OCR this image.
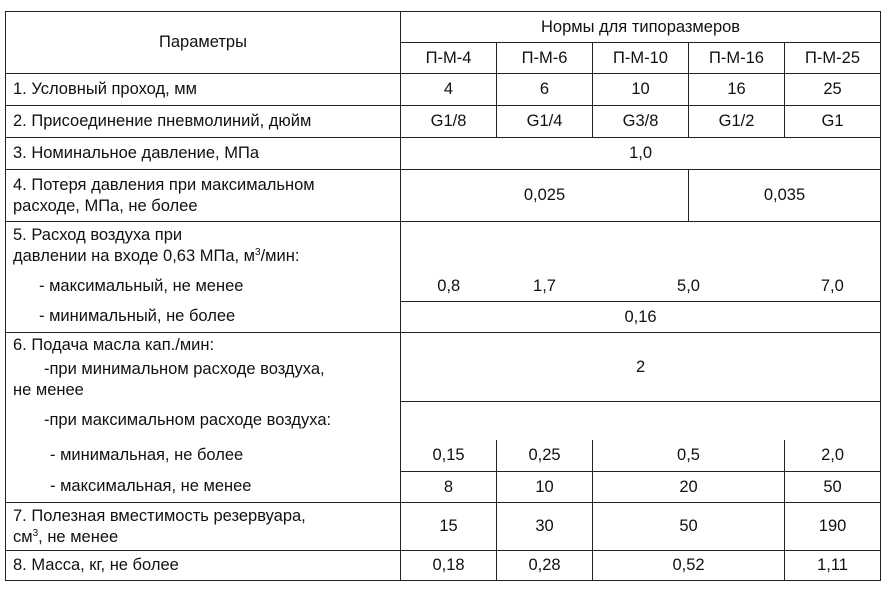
Параметры	Нормы для типоразмеров				
	П-М-4	П-М-6	П-М-10	П-М-16	П-М-25
1. Условный проход, мм	4	6	10	16	25
2. Присоединение пневмолиний, дюйм	G1/8	G1/4	G3/8	G1/2	G1
3. Номинальное давление, МПа	1,0				
4. Потеря давления при максимальном
расходе, МПа, не более	0,025			0,035	
5. Расход воздуха при
давлении на входе 0,63 МПа, $м^3$/мин:					

- максимальный, не менее	0,8	1,7	5,0		7,0

- минимальный, не более	0,16				
6. Подача масла кап./мин:	2				

-при минимальном расходе воздуха,
не менее					

-при максимальном расходе воздуха:					

- минимальная, не более	0,15	0,25	0,5		2,0

- максимальная, не менее	8	10	20		50
7. Полезная вместимость резервуара,
$см^3$, не менее	15	30	50		190
8. Масса, кг, не более	0,18	0,28	0,52		1,11
